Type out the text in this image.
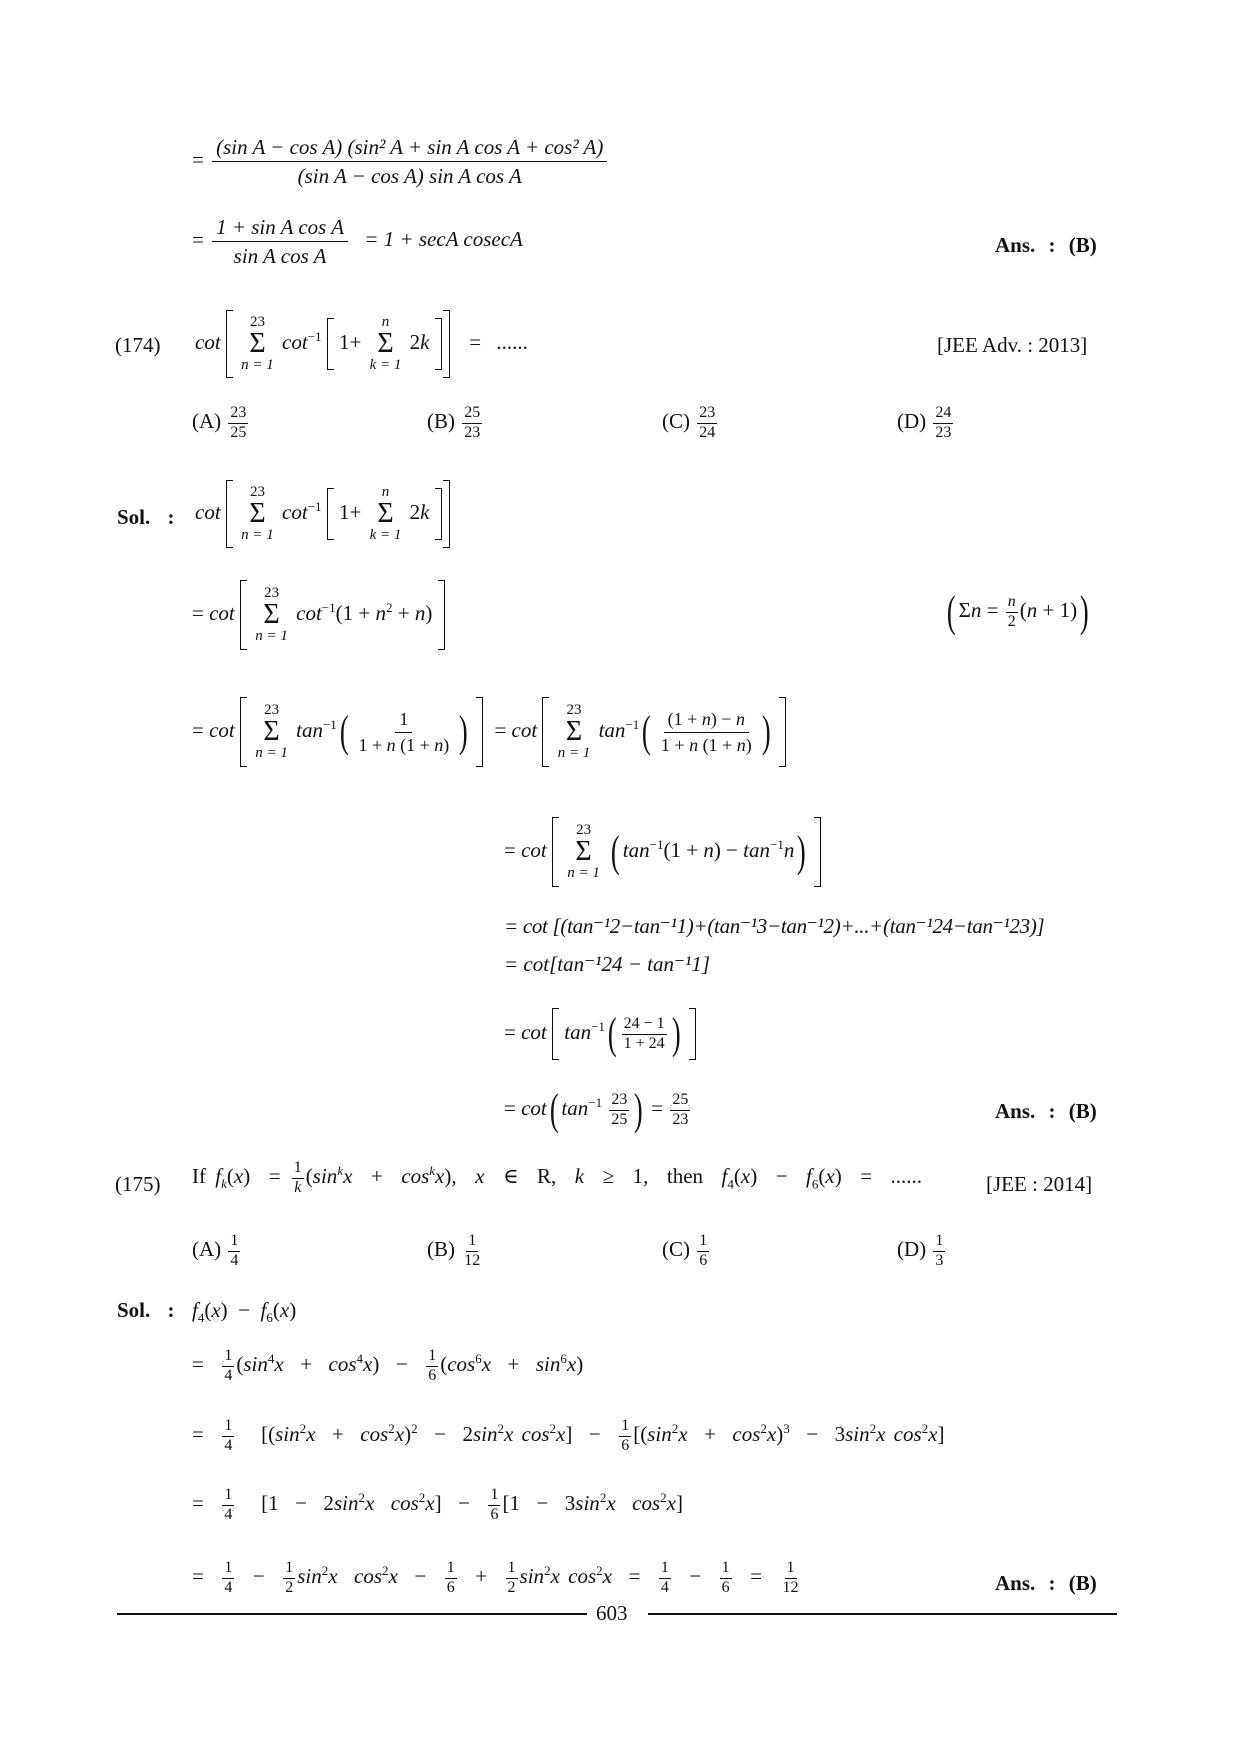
= $\frac{\text{(sin A − cos A) (sin² A + sin A cos A + cos² A)}}{\text{(sin A − cos A) sin A cos A}}$
= $\frac{\text{1 + sin A cos A}}{\text{sin A cos A}} = 1 + \sec A$ cosecA	Ans. : (B)
(174) cot
23
Σ
n = 1
$\cot^{-1} 1+$
n
Σ
k = 1
2k = ......	[JEE Adv. : 2013]
$(A) \frac{23}{25}$	$(B) \frac{25}{23}$	$(C) \frac{23}{24}$	$(D) \frac{24}{23}$
Sol. : cot
23
Σ
n = 1
$\cot^{-1} 1+$
n
Σ
k = 1
2k
= cot
23
Σ
n = 1
$\cot^{-1}(1 + n^2 + n)$	( $\Sigma n = \frac{n}{2} (n + 1)$)
= cot
23
Σ
n = 1
$\tan^{-1}( \frac{1}{1 + n (1 + n)}$ ) = cot
23
Σ
n = 1
$\tan^{-1}( \frac{(1 + n) - n}{1 + n (1 + n)}$ )
= cot
23
Σ
n = 1 ( $\tan^{-1}(1 + n) - \tan^{-1}n$)
= cot [(tan⁻¹2−tan⁻¹1)+(tan⁻¹3−tan⁻¹2)+...+(tan⁻¹24−tan⁻¹23)]
= cot[tan⁻¹24 − tan⁻¹1]
= $\cot \tan^{-1}( \frac{24 - 1}{1 + 24}$ )
= cot( $\tan^{-1} \frac{23}{25}$ ) = $\frac{25}{23}$	Ans. : (B)
(175) If $f_k(x) = \frac{1}{k} (\sin^kx + \cos^kx)$,  x  ∈  R,  k  ≥  1,  then  $f_4(x) - f_6(x)$  =  ......	[JEE : 2014]
$(A) \frac{1}{4}$	$(B) \frac{1}{12}$	$(C) \frac{1}{6}$	$(D) \frac{1}{3}$
Sol. : $f_4(x) - f_6(x)$
= $\frac{1}{4} (\sin^4x + \cos^4x) - \frac{1}{6} (\cos^6x + \sin^6x)$
= $\frac{1}{4} [(\sin^2x + \cos^2x)^2 - 2\sin^2x$ $\cos^2x] - \frac{1}{6} [(\sin^2x + \cos^2x)^3 - 3\sin^2x$ $\cos^2x$]
= $\frac{1}{4} [1 - 2\sin^2x$ $\cos^2x] - \frac{1}{6} [1 - 3\sin^2x$ $\cos^2x$]
= $\frac{1}{4} - \frac{1}{2} \sin^2x$ $\cos^2x - \frac{1}{6} + \frac{1}{2} \sin^2x$ $\cos^2x = \frac{1}{4} - \frac{1}{6} = \frac{1}{12}$	Ans. : (B)
603
